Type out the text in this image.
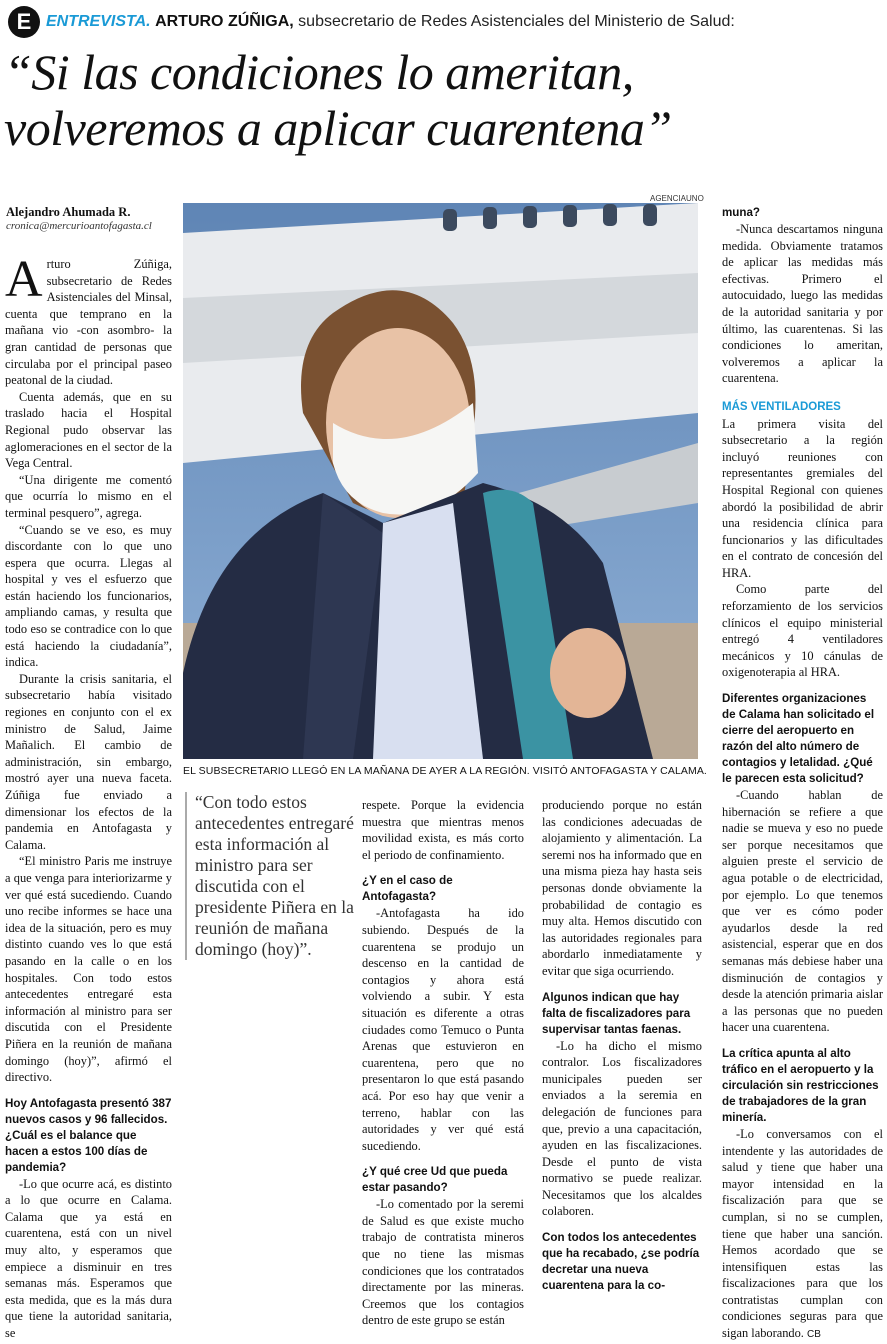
E ENTREVISTA. ARTURO ZÚÑIGA, subsecretario de Redes Asistenciales del Ministerio de Salud:
“Si las condiciones lo ameritan,
volveremos a aplicar cuarentena”
AGENCIAUNO
Alejandro Ahumada R.
cronica@mercurioantofagasta.cl
EL SUBSECRETARIO LLEGÓ EN LA MAÑANA DE AYER A LA REGIÓN. VISITÓ ANTOFAGASTA Y CALAMA.

Arturo Zúñiga, subsecretario de Redes Asistenciales del Minsal, cuenta que temprano en la mañana vio -con asombro- la gran cantidad de personas que circulaba por el principal paseo peatonal de la ciudad.

Cuenta además, que en su traslado hacia el Hospital Regional pudo observar las aglomeraciones en el sector de la Vega Central.

“Una dirigente me comentó que ocurría lo mismo en el terminal pesquero”, agrega.

“Cuando se ve eso, es muy discordante con lo que uno espera que ocurra. Llegas al hospital y ves el esfuerzo que están haciendo los funcionarios, ampliando camas, y resulta que todo eso se contradice con lo que está haciendo la ciudadanía”, indica.

Durante la crisis sanitaria, el subsecretario había visitado regiones en conjunto con el ex ministro de Salud, Jaime Mañalich. El cambio de administración, sin embargo, mostró ayer una nueva faceta. Zúñiga fue enviado a dimensionar los efectos de la pandemia en Antofagasta y Calama.

“El ministro Paris me instruye a que venga para interiorizarme y ver qué está sucediendo. Cuando uno recibe informes se hace una idea de la situación, pero es muy distinto cuando ves lo que está pasando en la calle o en los hospitales. Con todo estos antecedentes entregaré esta información al ministro para ser discutida con el Presidente Piñera en la reunión de mañana domingo (hoy)”, afirmó el directivo.

Hoy Antofagasta presentó 387 nuevos casos y 96 fallecidos. ¿Cuál es el balance que hacen a estos 100 días de pandemia?

-Lo que ocurre acá, es distinto a lo que ocurre en Calama. Calama que ya está en cuarentena, está con un nivel muy alto, y esperamos que empiece a disminuir en tres semanas más. Esperamos que esta medida, que es la más dura que tiene la autoridad sanitaria, se

“Con todo estos antecedentes entregaré esta información al ministro para ser discutida con el presidente Piñera en la reunión de mañana domingo (hoy)”.

respete. Porque la evidencia muestra que mientras menos movilidad exista, es más corto el periodo de confinamiento.

¿Y en el caso de Antofagasta?

-Antofagasta ha ido subiendo. Después de la cuarentena se produjo un descenso en la cantidad de contagios y ahora está volviendo a subir. Y esta situación es diferente a otras ciudades como Temuco o Punta Arenas que estuvieron en cuarentena, pero que no presentaron lo que está pasando acá. Por eso hay que venir a terreno, hablar con las autoridades y ver qué está sucediendo.

¿Y qué cree Ud que pueda estar pasando?

-Lo comentado por la seremi de Salud es que existe mucho trabajo de contratista mineros que no tiene las mismas condiciones que los contratados directamente por las mineras. Creemos que los contagios dentro de este grupo se están

produciendo porque no están las condiciones adecuadas de alojamiento y alimentación. La seremi nos ha informado que en una misma pieza hay hasta seis personas donde obviamente la probabilidad de contagio es muy alta. Hemos discutido con las autoridades regionales para abordarlo inmediatamente y evitar que siga ocurriendo.

Algunos indican que hay falta de fiscalizadores para supervisar tantas faenas.

-Lo ha dicho el mismo contralor. Los fiscalizadores municipales pueden ser enviados a la seremia en delegación de funciones para que, previo a una capacitación, ayuden en las fiscalizaciones. Desde el punto de vista normativo se puede realizar. Necesitamos que los alcaldes colaboren.

Con todos los antecedentes que ha recabado, ¿se podría decretar una nueva cuarentena para la co-

muna?

-Nunca descartamos ninguna medida. Obviamente tratamos de aplicar las medidas más efectivas. Primero el autocuidado, luego las medidas de la autoridad sanitaria y por último, las cuarentenas. Si las condiciones lo ameritan, volveremos a aplicar la cuarentena.

MÁS VENTILADORES

La primera visita del subsecretario a la región incluyó reuniones con representantes gremiales del Hospital Regional con quienes abordó la posibilidad de abrir una residencia clínica para funcionarios y las dificultades en el contrato de concesión del HRA.

Como parte del reforzamiento de los servicios clínicos el equipo ministerial entregó 4 ventiladores mecánicos y 10 cánulas de oxigenoterapia al HRA.

Diferentes organizaciones de Calama han solicitado el cierre del aeropuerto en razón del alto número de contagios y letalidad. ¿Qué le parecen esta solicitud?

-Cuando hablan de hibernación se refiere a que nadie se mueva y eso no puede ser porque necesitamos que alguien preste el servicio de agua potable o de electricidad, por ejemplo. Lo que tenemos que ver es cómo poder ayudarlos desde la red asistencial, esperar que en dos semanas más debiese haber una disminución de contagios y desde la atención primaria aislar a las personas que no pueden hacer una cuarentena.

La crítica apunta al alto tráfico en el aeropuerto y la circulación sin restricciones de trabajadores de la gran minería.

-Lo conversamos con el intendente y las autoridades de salud y tiene que haber una mayor intensidad en la fiscalización para que se cumplan, si no se cumplen, tiene que haber una sanción. Hemos acordado que se intensifiquen estas las fiscalizaciones para que los contratistas cumplan con condiciones seguras para que sigan laborando. CB
